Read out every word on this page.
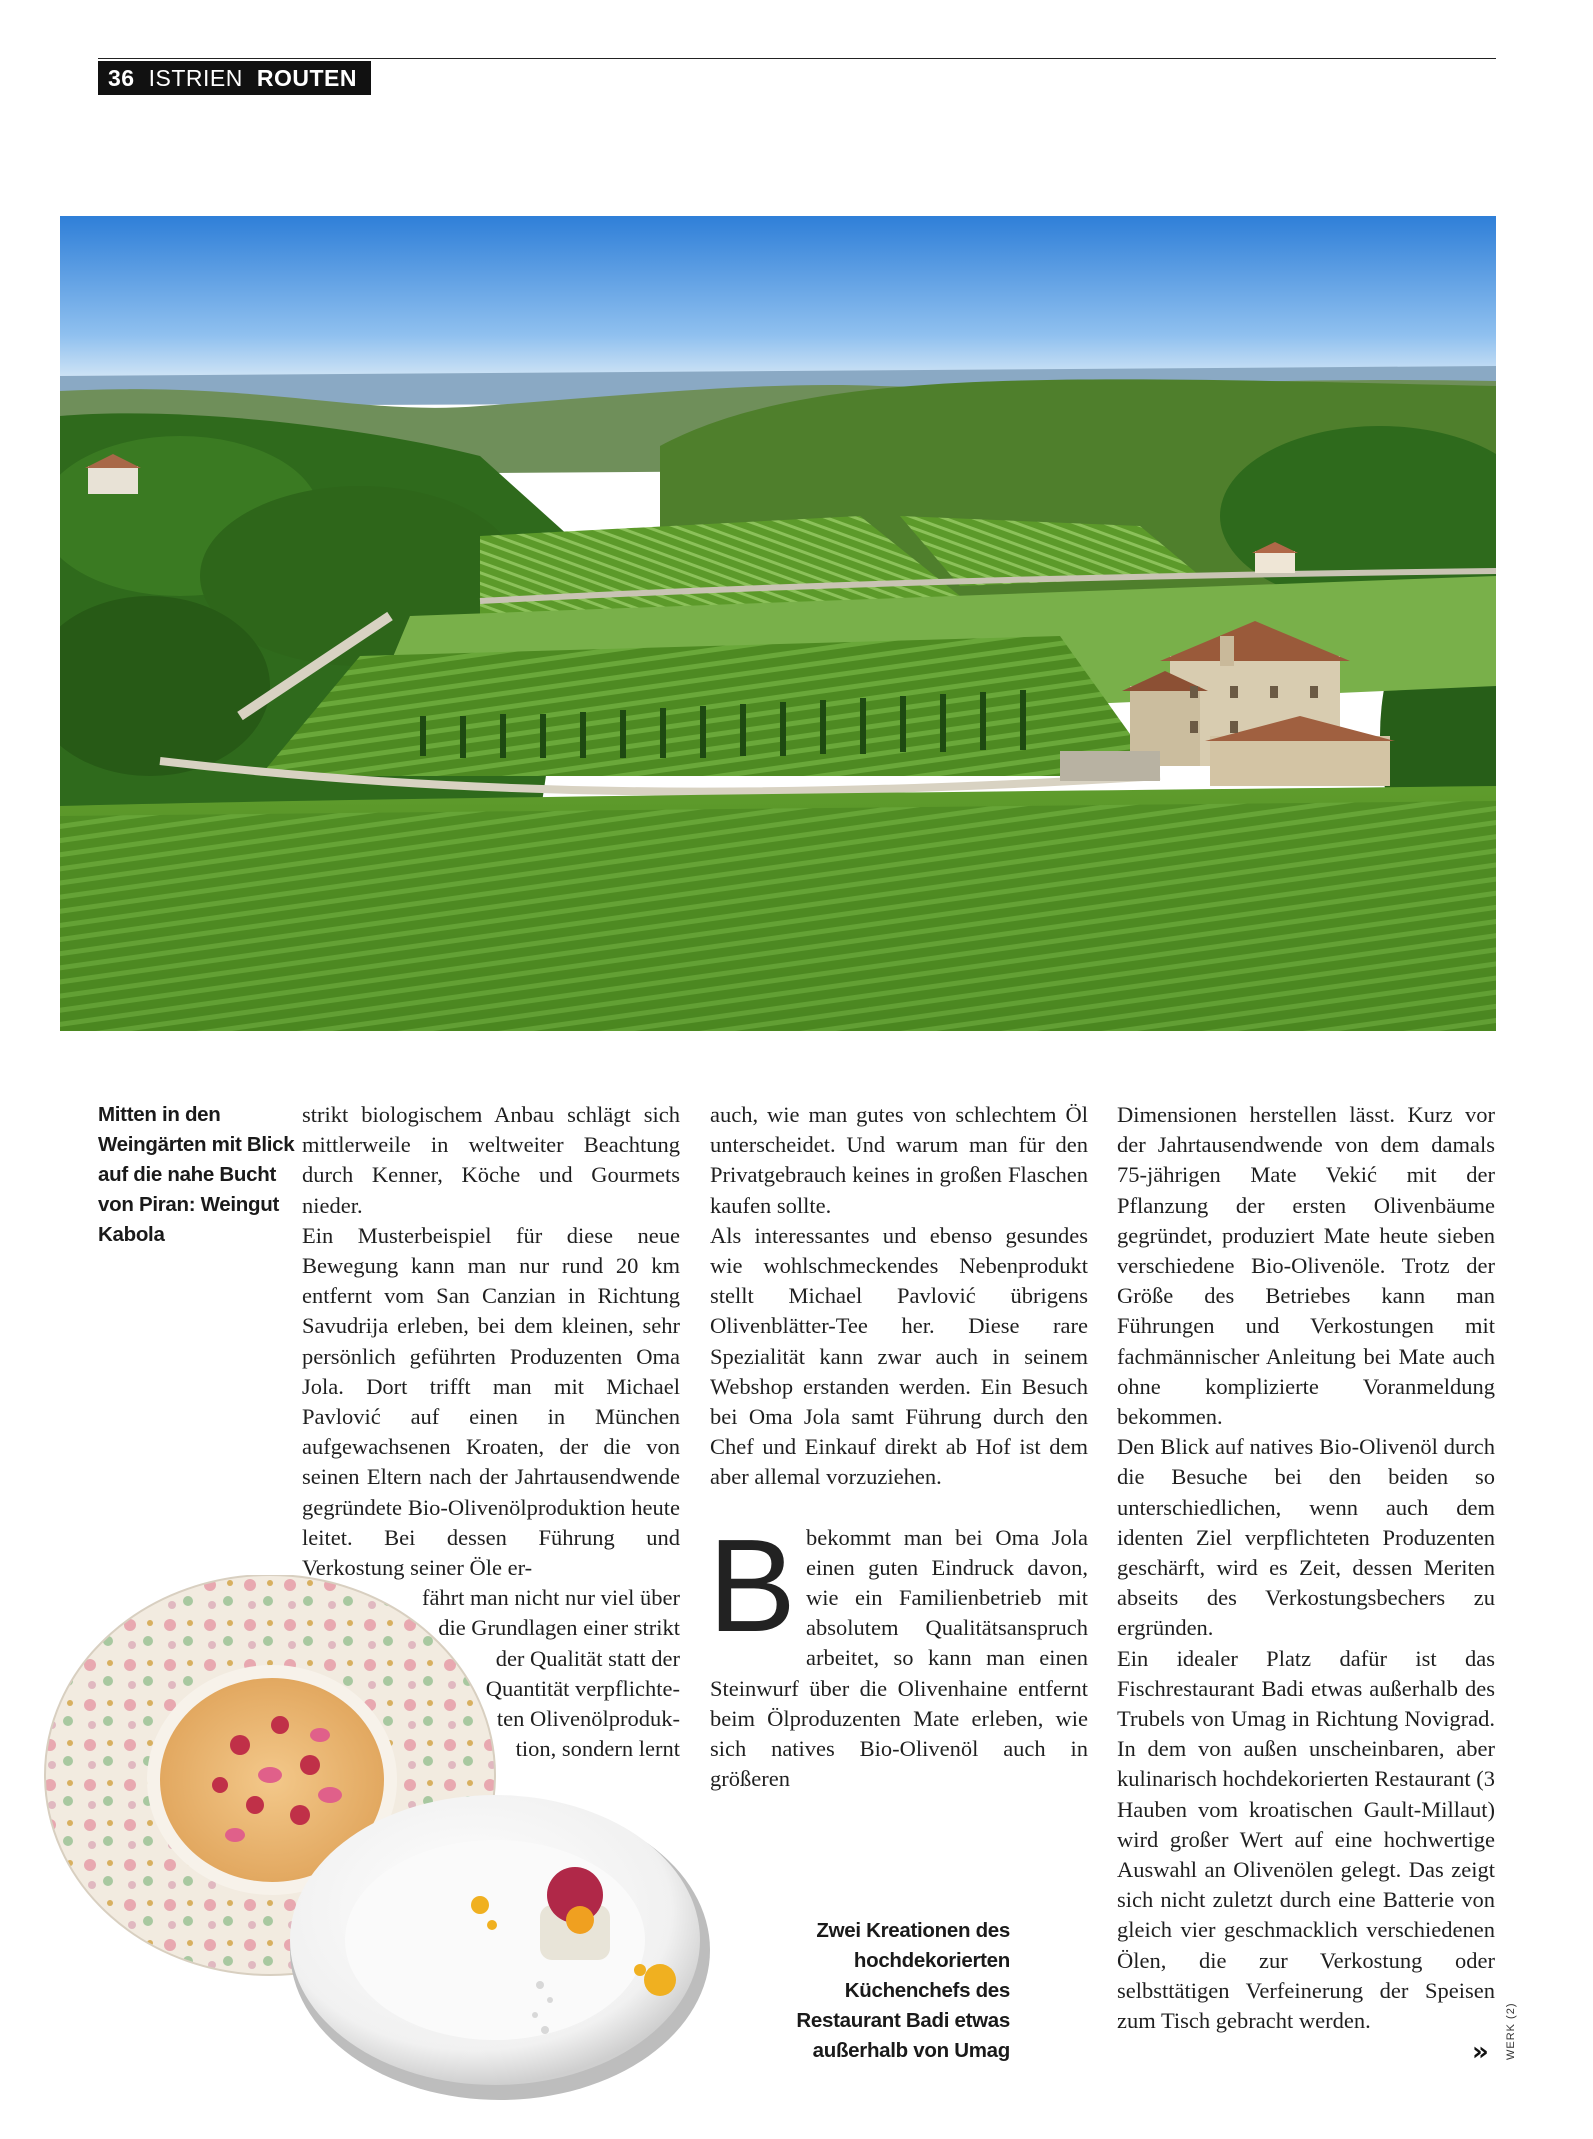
36 ISTRIEN ROUTEN
Mitten in den Weingärten mit Blick auf die nahe Bucht von Piran: Weingut Kabola

strikt biologischem Anbau schlägt sich mittlerweile in weltweiter Beachtung durch Kenner, Köche und Gourmets nieder.

Ein Musterbeispiel für diese neue Bewegung kann man nur rund 20 km entfernt vom San Canzian in Richtung Savudrija erleben, bei dem kleinen, sehr persönlich geführten Produzenten Oma Jola. Dort trifft man mit Michael Pavlović auf einen in München aufgewachsenen Kroaten, der die von seinen Eltern nach der Jahrtausendwende gegründete Bio-Olivenölproduktion heute leitet. Bei dessen Führung und Verkostung seiner Öle er-

fährt man nicht nur viel über
die Grundlagen einer strikt
der Qualität statt der
Quantität verpflichte-
ten Olivenölproduk-
tion, sondern lernt

auch, wie man gutes von schlechtem Öl unterscheidet. Und warum man für den Privatgebrauch keines in großen Flaschen kaufen sollte.

Als interessantes und ebenso gesundes wie wohlschmeckendes Nebenprodukt stellt Michael Pavlović übrigens Olivenblätter-Tee her. Diese rare Spezialität kann zwar auch in seinem Webshop erstanden werden. Ein Besuch bei Oma Jola samt Führung durch den Chef und Einkauf direkt ab Hof ist dem aber allemal vorzuziehen.

B bekommt man bei Oma Jola einen guten Eindruck davon, wie ein Familienbetrieb mit absolutem Qualitätsanspruch arbeitet, so kann man einen Steinwurf über die Olivenhaine entfernt beim Ölproduzenten Mate erleben, wie sich natives Bio-Olivenöl auch in größeren

Dimensionen herstellen lässt. Kurz vor der Jahrtausendwende von dem damals 75-jährigen Mate Vekić mit der Pflanzung der ersten Olivenbäume gegründet, produziert Mate heute sieben verschiedene Bio-Olivenöle. Trotz der Größe des Betriebes kann man Führungen und Verkostungen mit fachmännischer Anleitung bei Mate auch ohne komplizierte Voranmeldung bekommen.

Den Blick auf natives Bio-Olivenöl durch die Besuche bei den beiden so unterschiedlichen, wenn auch dem identen Ziel verpflichteten Produzenten geschärft, wird es Zeit, dessen Meriten abseits des Verkostungsbechers zu ergründen.

Ein idealer Platz dafür ist das Fischrestaurant Badi etwas außerhalb des Trubels von Umag in Richtung Novigrad. In dem von außen unscheinbaren, aber kulinarisch hochdekorierten Restaurant (3 Hauben vom kroatischen Gault-Millaut) wird großer Wert auf eine hochwertige Auswahl an Olivenölen gelegt. Das zeigt sich nicht zuletzt durch eine Batterie von gleich vier geschmacklich verschiedenen Ölen, die zur Verkostung oder selbsttätigen Verfeinerung der Speisen zum Tisch gebracht werden.

» WERK (2)
Zwei Kreationen des hochdekorierten Küchenchefs des Restaurant Badi etwas außerhalb von Umag
